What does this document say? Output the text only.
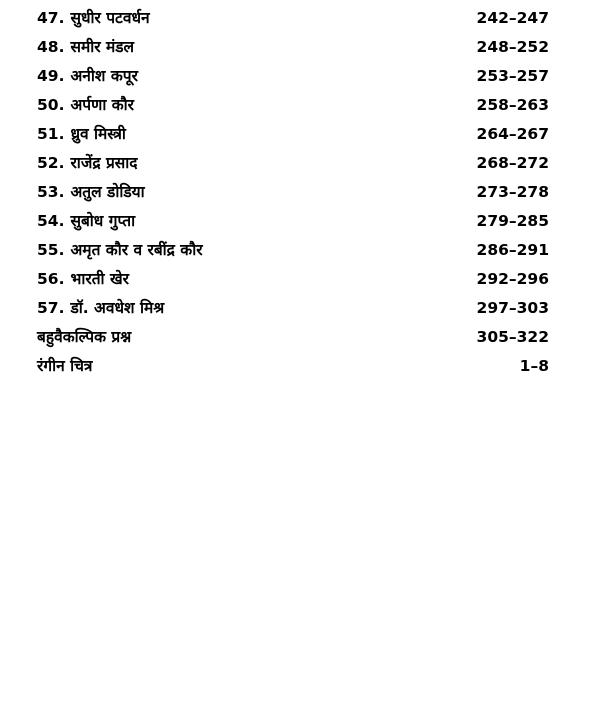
47. सुधीर पटवर्धन	242–247
48. समीर मंडल	248–252
49. अनीश कपूर	253–257
50. अर्पणा कौर	258–263
51. ध्रुव मिस्त्री	264–267
52. राजेंद्र प्रसाद	268–272
53. अतुल डोडिया	273–278
54. सुबोध गुप्ता	279–285
55. अमृत कौर व रबींद्र कौर	286–291
56. भारती खेर	292–296
57. डॉ. अवधेश मिश्र	297–303
बहुवैकल्पिक प्रश्न	305–322
रंगीन चित्र	1–8
